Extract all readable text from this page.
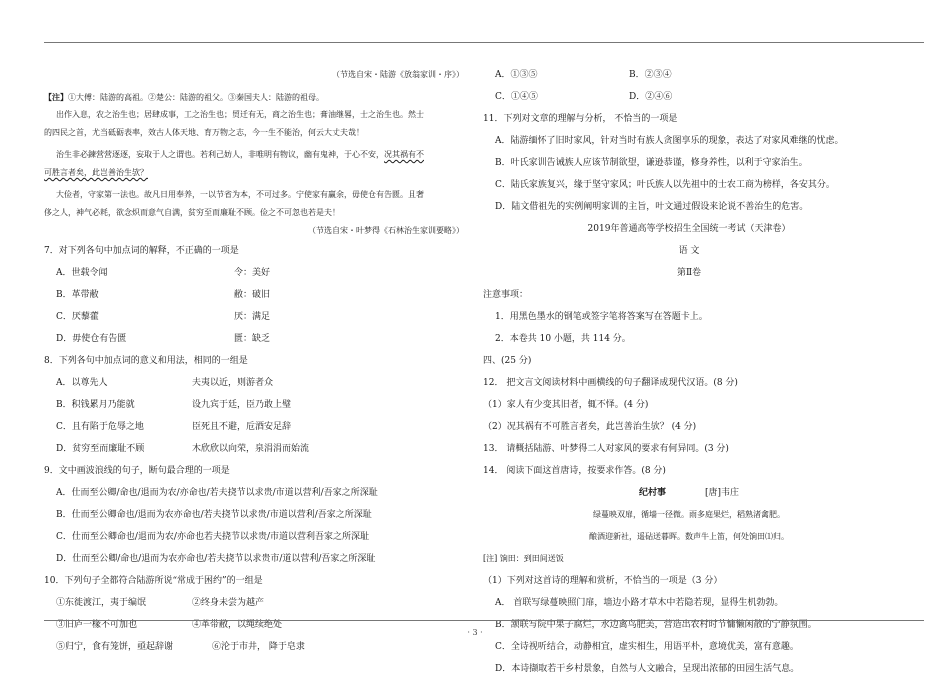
（节选自宋・陆游《放翁家训・序》）
【注】①大傅：陆游的高祖。②楚公：陆游的祖父。③秦国夫人：陆游的祖母。
出作入息，农之治生也；居肆成事，工之治生也；贸迁有无，商之治生也；膏油继晷，士之治生也。然士
的四民之首，尤当砥砺表率，效古人体天地、育万物之志，今一生不能治，何云大丈夫哉！
治生非必鍊营营逐逐，妄取于人之谓也。若利己妨人，非唯明有物议，幽有鬼神，于心不安，况其祸有不
可胜言者矣，此岂善治生欤？
大俭者，守家第一法也。故凡日用奉养，一以节省为本，不可过多。宁使家有赢余，毋使仓有告匮。且奢
侈之人，神气必耗，欲念炽而意气自满，贫穷至而廉耻不顾。俭之不可忽也若是夫！
（节选自宋・叶梦得《石林治生家训要略》）
7．对下列各句中加点词的解释，不正确的一项是
A．世载令闻	令：美好
B．革带敝	敝：破旧
C．厌藜藿	厌：满足
D．毋使仓有告匮	匮：缺乏
8．下列各句中加点词的意义和用法，相同的一组是
A．以尊先人	夫夷以近，则游者众
B．积钱累月乃能就	设九宾于廷，臣乃敢上璧
C．且有陷于危辱之地	臣死且不避，卮酒安足辞
D．贫穷至而廉耻不顾	木欣欣以向荣，泉涓涓而始流
9．文中画波浪线的句子，断句最合理的一项是
A．仕而至公卿/命也/退而为农/亦命也/若夫挠节以求贵/市道以营利/吾家之所深耻
B．仕而至公卿命也/退而为农亦命也/若夫挠节以求贵/市道以营利/吾家之所深耻
C．仕而至公卿命也/退而为农/亦命也若夫挠节以求贵/市道以营利吾家之所深耻
D．仕而至公卿/命也/退而为农亦命也/若夫挠节以求贵市/道以营利/吾家之所深耻
10．下列句子全都符合陆游所说“常成于困约”的一组是
①东徙渡江，夷于编氓	②终身未尝为越产
③旧庐一椽不可加也	④革带敝，以绳续绝处
⑤归宁，食有笼饼，亟起辞谢	⑥沦于市井， 降于皂隶
A．①③⑤	B．②③④
C．①④⑤	D．②④⑥
11．下列对文章的理解与分析， 不恰当的一项是
A．陆游缅怀了旧时家风，针对当时有族人贪图享乐的现象，表达了对家风难继的忧虑。
B．叶氏家训告诫族人应该节制欲望，谦逊恭谨，修身养性，以利于守家治生。
C．陆氏家族复兴，缘于坚守家风；叶氏族人以先祖中的士农工商为榜样，各安其分。
D．陆文借祖先的实例阐明家训的主旨，叶文通过假设来论说不善治生的危害。
2019年普通高等学校招生全国统一考试（天津卷）
语 文
第Ⅱ卷
注意事项：
1．用黑色墨水的钢笔或签字笔将答案写在答题卡上。
2．本卷共 10 小题，共 114 分。
四、(25 分)
12． 把文言文阅读材料中画横线的句子翻译成现代汉语。(8 分)
（1）家人有少变其旧者，辄不怿。(4 分)
（2）况其祸有不可胜言者矣，此岂善治生欤？ (4 分)
13． 请概括陆游、叶梦得二人对家风的要求有何异同。(3 分)
14． 阅读下面这首唐诗，按要求作答。(8 分)
纪村事	[唐]韦庄
绿蔓映双扉，循墙一径微。雨多庭果烂，稻熟渚禽肥。
酿酒迎新社，遥砧送暮晖。数声牛上笛，何处饷田⑴归。
[注] 饷田：到田间送饭
（1）下列对这首诗的理解和赏析，不恰当的一项是（3 分）
A． 首联写绿蔓映照门扉，墙边小路才草木中若隐若现，显得生机勃勃。
B．颔联写院中果子腐烂，水边禽鸟肥美，营造出农村时节慵懒闲散的宁静氛围。
C．全诗视听结合，动静相宜，虚实相生，用语平朴，意境优美，富有意趣。
D．本诗撷取若干乡村景象，自然与人文融合，呈现出浓郁的田园生活气息。
· 3 ·
